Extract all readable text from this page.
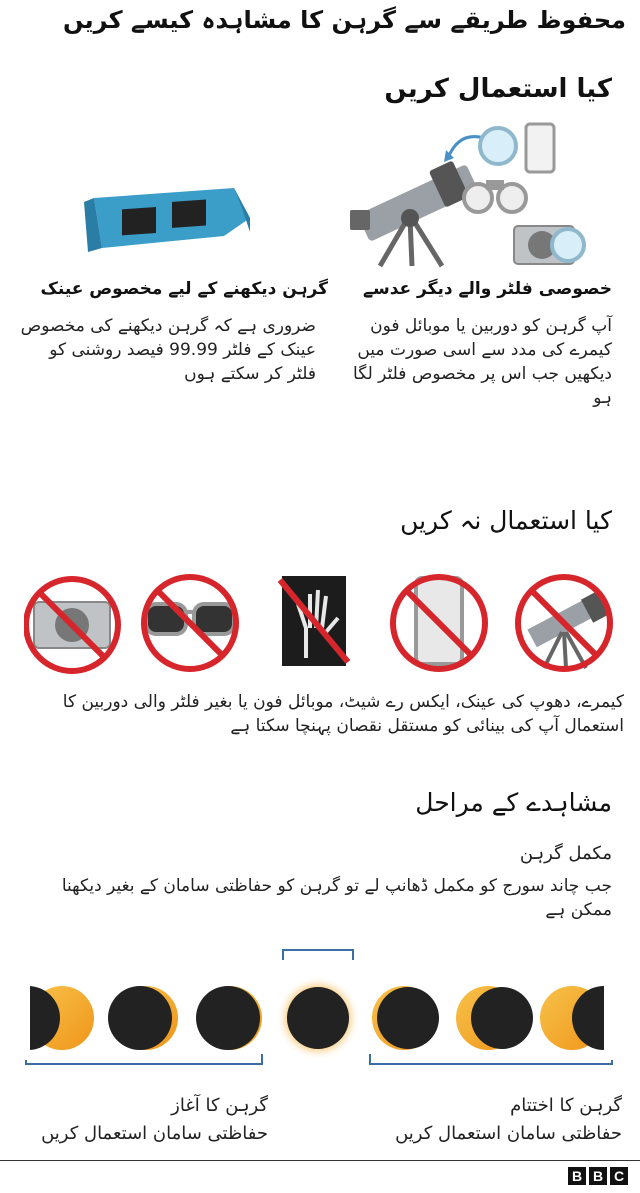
محفوظ طریقے سے گرہن کا مشاہدہ کیسے کریں
کیا استعمال کریں
خصوصی فلٹر والے دیگر عدسے
آپ گرہن کو دوربین یا موبائل فون کیمرے کی مدد سے اسی صورت میں دیکھیں جب اس پر مخصوص فلٹر لگا ہو
گرہن دیکھنے کے لیے مخصوص عینک
ضروری ہے کہ گرہن دیکھنے کی مخصوص عینک کے فلٹر 99.99 فیصد روشنی کو فلٹر کر سکتے ہوں
کیا استعمال نہ کریں
کیمرے، دھوپ کی عینک، ایکس رے شیٹ، موبائل فون یا بغیر فلٹر والی دوربین کا استعمال آپ کی بینائی کو مستقل نقصان پہنچا سکتا ہے
مشاہدے کے مراحل
مکمل گرہن
جب چاند سورج کو مکمل ڈھانپ لے تو گرہن کو حفاظتی سامان کے بغیر دیکھنا ممکن ہے
گرہن کا آغاز
حفاظتی سامان استعمال کریں
گرہن کا اختتام
حفاظتی سامان استعمال کریں
B B C
